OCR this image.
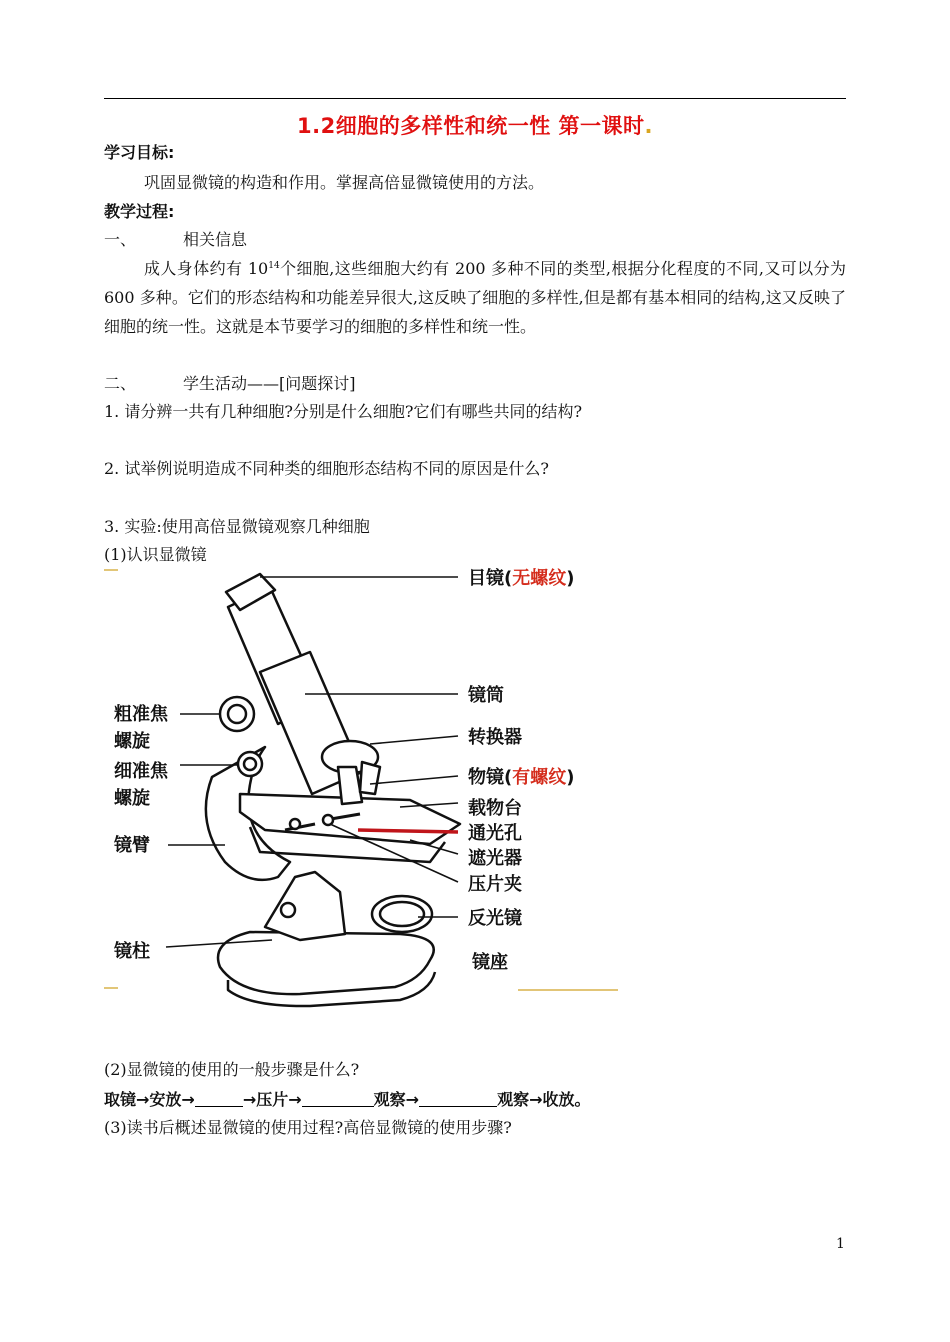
1.2细胞的多样性和统一性 第一课时.
学习目标:
巩固显微镜的构造和作用。掌握高倍显微镜使用的方法。
教学过程:
一、	相关信息
成人身体约有 $10^{14}$个细胞,这些细胞大约有 200 多种不同的类型,根据分化程度的不同,又可以分为 600 多种。它们的形态结构和功能差异很大,这反映了细胞的多样性,但是都有基本相同的结构,这又反映了细胞的统一性。这就是本节要学习的细胞的多样性和统一性。
二、	学生活动——[问题探讨]
1. 请分辨一共有几种细胞?分别是什么细胞?它们有哪些共同的结构?
2. 试举例说明造成不同种类的细胞形态结构不同的原因是什么?
3. 实验:使用高倍显微镜观察几种细胞
(1)认识显微镜
目镜(无螺纹)
镜筒
转换器
物镜(有螺纹)
载物台
通光孔
遮光器
压片夹
反光镜
镜座
粗准焦
螺旋
细准焦
螺旋
镜臂
镜柱
(2)显微镜的使用的一般步骤是什么?
取镜→安放→	→压片→	观察→	观察→收放。
(3)读书后概述显微镜的使用过程?高倍显微镜的使用步骤?
1
